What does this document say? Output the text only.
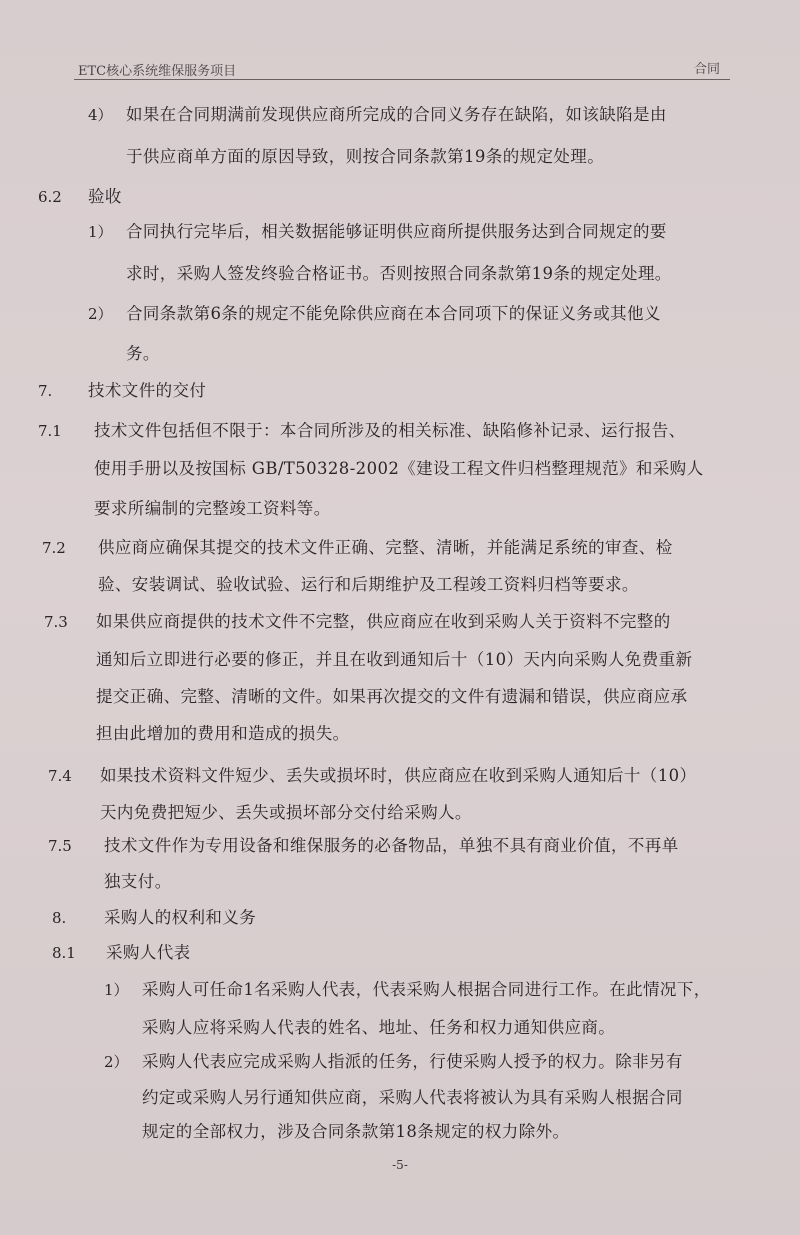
ETC核心系统维保服务项目	合同
4） 如果在合同期满前发现供应商所完成的合同义务存在缺陷，如该缺陷是由
于供应商单方面的原因导致，则按合同条款第19条的规定处理。
6.2 验收
1） 合同执行完毕后，相关数据能够证明供应商所提供服务达到合同规定的要
求时，采购人签发终验合格证书。否则按照合同条款第19条的规定处理。
2） 合同条款第6条的规定不能免除供应商在本合同项下的保证义务或其他义
务。
7. 技术文件的交付
7.1 技术文件包括但不限于：本合同所涉及的相关标准、缺陷修补记录、运行报告、
使用手册以及按国标 GB/T50328-2002《建设工程文件归档整理规范》和采购人
要求所编制的完整竣工资料等。
7.2 供应商应确保其提交的技术文件正确、完整、清晰，并能满足系统的审查、检
验、安装调试、验收试验、运行和后期维护及工程竣工资料归档等要求。
7.3 如果供应商提供的技术文件不完整，供应商应在收到采购人关于资料不完整的
通知后立即进行必要的修正，并且在收到通知后十（10）天内向采购人免费重新
提交正确、完整、清晰的文件。如果再次提交的文件有遗漏和错误，供应商应承
担由此增加的费用和造成的损失。
7.4 如果技术资料文件短少、丢失或损坏时，供应商应在收到采购人通知后十（10）
天内免费把短少、丢失或损坏部分交付给采购人。
7.5 技术文件作为专用设备和维保服务的必备物品，单独不具有商业价值，不再单
独支付。
8. 采购人的权利和义务
8.1 采购人代表
1） 采购人可任命1名采购人代表，代表采购人根据合同进行工作。在此情况下，
采购人应将采购人代表的姓名、地址、任务和权力通知供应商。
2） 采购人代表应完成采购人指派的任务，行使采购人授予的权力。除非另有
约定或采购人另行通知供应商，采购人代表将被认为具有采购人根据合同
规定的全部权力，涉及合同条款第18条规定的权力除外。
-5-
